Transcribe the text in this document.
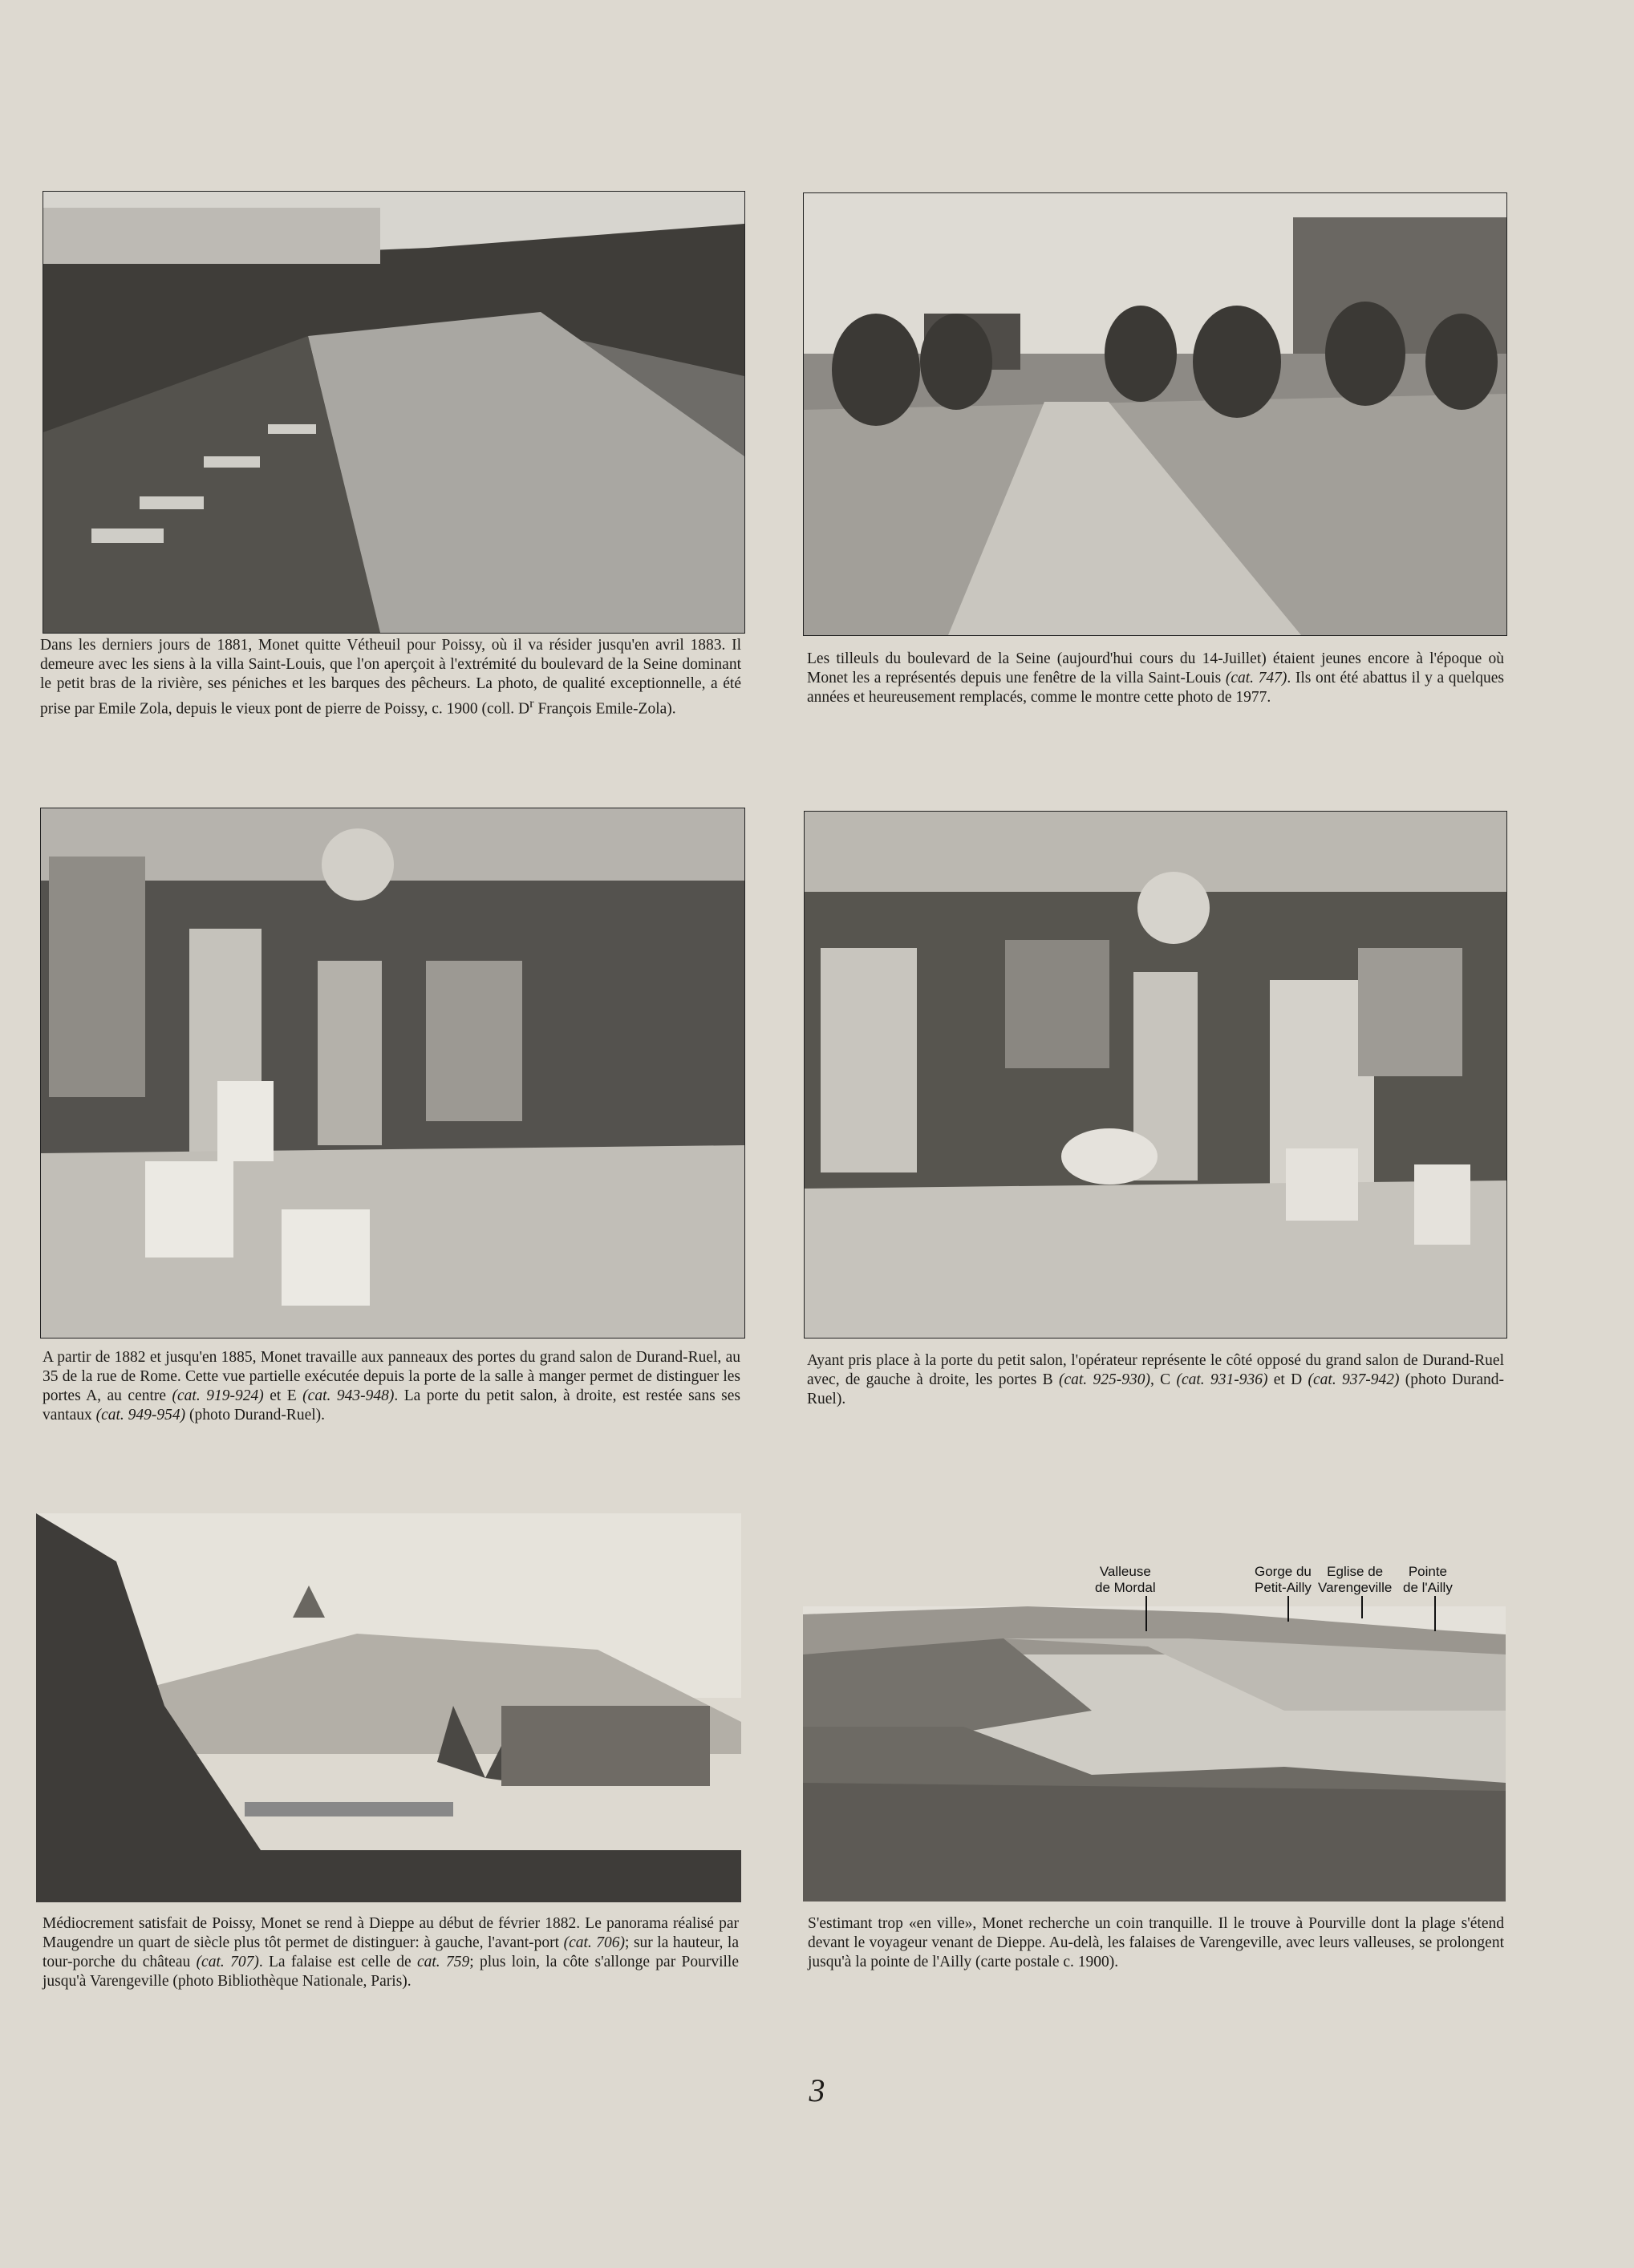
Dans les derniers jours de 1881, Monet quitte Vétheuil pour Poissy, où il va résider jusqu'en avril 1883. Il demeure avec les siens à la villa Saint-Louis, que l'on aperçoit à l'extrémité du boulevard de la Seine dominant le petit bras de la rivière, ses péniches et les barques des pêcheurs. La photo, de qualité exceptionnelle, a été prise par Emile Zola, depuis le vieux pont de pierre de Poissy, c. 1900 (coll. $D^r$ François Emile-Zola).
Les tilleuls du boulevard de la Seine (aujourd'hui cours du 14-Juillet) étaient jeunes encore à l'époque où Monet les a représentés depuis une fenêtre de la villa Saint-Louis (cat. 747). Ils ont été abattus il y a quelques années et heureusement remplacés, comme le montre cette photo de 1977.
A partir de 1882 et jusqu'en 1885, Monet travaille aux panneaux des portes du grand salon de Durand-Ruel, au 35 de la rue de Rome. Cette vue partielle exécutée depuis la porte de la salle à manger permet de distinguer les portes A, au centre (cat. 919-924) et E (cat. 943-948). La porte du petit salon, à droite, est restée sans ses vantaux (cat. 949-954) (photo Durand-Ruel).
Ayant pris place à la porte du petit salon, l'opérateur représente le côté opposé du grand salon de Durand-Ruel avec, de gauche à droite, les portes B (cat. 925-930), C (cat. 931-936) et D (cat. 937-942) (photo Durand-Ruel).
Médiocrement satisfait de Poissy, Monet se rend à Dieppe au début de février 1882. Le panorama réalisé par Maugendre un quart de siècle plus tôt permet de distinguer: à gauche, l'avant-port (cat. 706); sur la hauteur, la tour-porche du château (cat. 707). La falaise est celle de cat. 759; plus loin, la côte s'allonge par Pourville jusqu'à Varengeville (photo Bibliothèque Nationale, Paris).
Valleuse
de Mordal
Gorge du
Petit-Ailly
Eglise de
Varengeville
Pointe
de l'Ailly
S'estimant trop «en ville», Monet recherche un coin tranquille. Il le trouve à Pourville dont la plage s'étend devant le voyageur venant de Dieppe. Au-delà, les falaises de Varengeville, avec leurs valleuses, se prolongent jusqu'à la pointe de l'Ailly (carte postale c. 1900).
3
